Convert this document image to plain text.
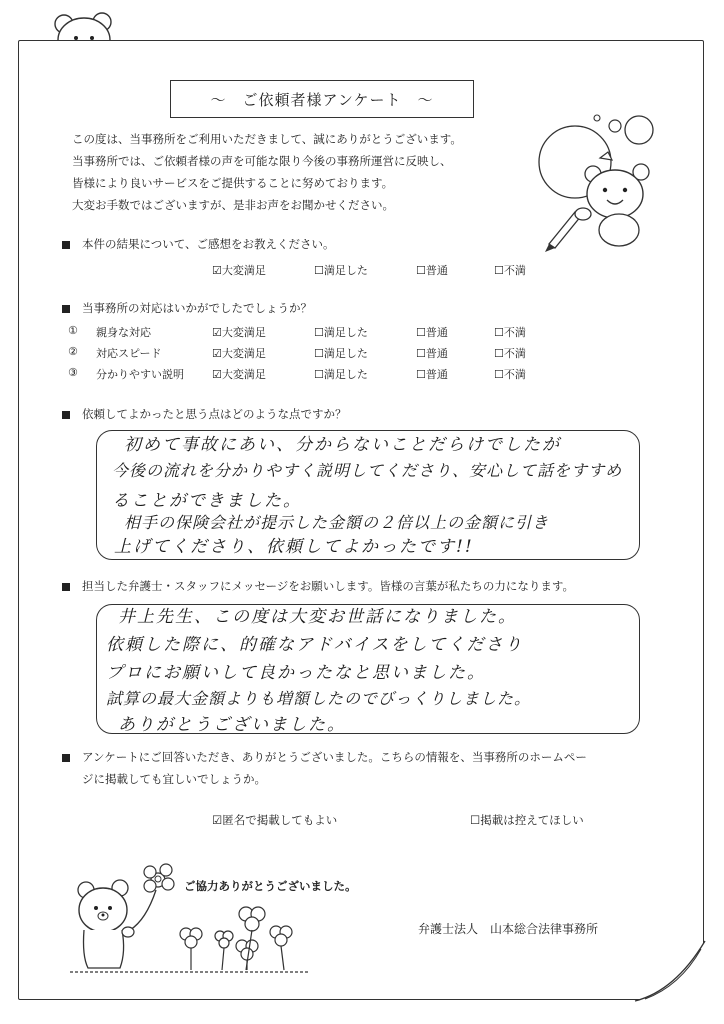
～　ご依頼者様アンケート　～
この度は、当事務所をご利用いただきまして、誠にありがとうございます。
当事務所では、ご依頼者様の声を可能な限り今後の事務所運営に反映し、
皆様により良いサービスをご提供することに努めております。
大変お手数ではございますが、是非お声をお聞かせください。
本件の結果について、ご感想をお教えください。
☑大変満足	☐満足した	☐普通	☐不満
当事務所の対応はいかがでしたでしょうか？
① 親身な対応	☑大変満足	☐満足した	☐普通	☐不満
② 対応スピード	☑大変満足	☐満足した	☐普通	☐不満
③ 分かりやすい説明	☑大変満足	☐満足した	☐普通	☐不満
依頼してよかったと思う点はどのような点ですか？
初めて事故にあい、分からないことだらけでしたが
今後の流れを分かりやすく説明してくださり、安心して話をすすめ
ることができました。
相手の保険会社が提示した金額の２倍以上の金額に引き
上げてくださり、依頼してよかったです!!
担当した弁護士・スタッフにメッセージをお願いします。皆様の言葉が私たちの力になります。
井上先生、この度は大変お世話になりました。
依頼した際に、的確なアドバイスをしてくださり
プロにお願いして良かったなと思いました。
試算の最大金額よりも増額したのでびっくりしました。
ありがとうございました。
アンケートにご回答いただき、ありがとうございました。こちらの情報を、当事務所のホームペー
ジに掲載しても宜しいでしょうか。
☑匿名で掲載してもよい	☐掲載は控えてほしい
ご協力ありがとうございました。
弁護士法人　山本総合法律事務所
